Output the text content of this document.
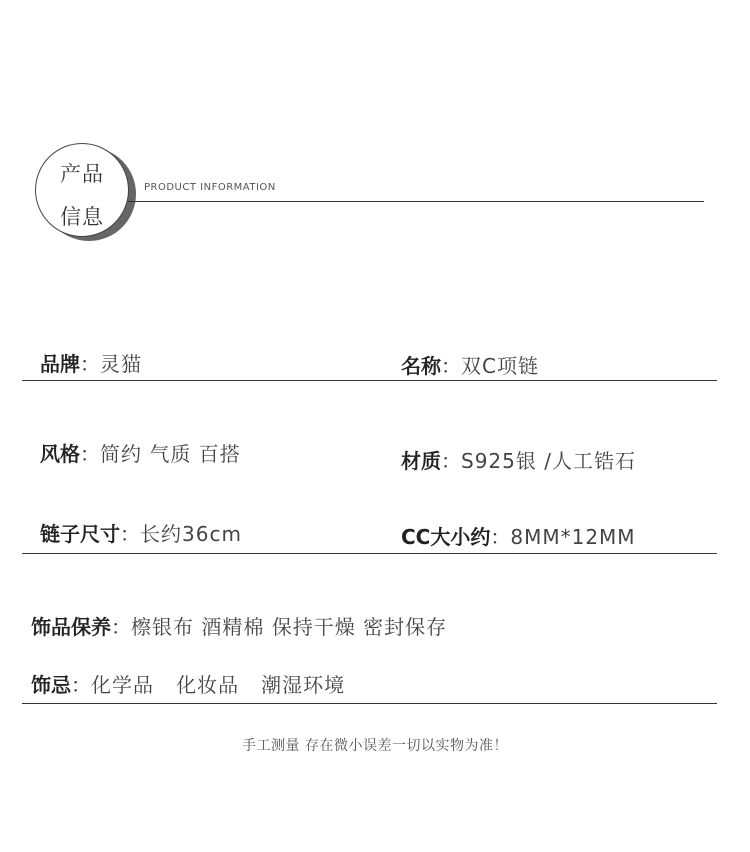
产品
信息
PRODUCT INFORMATION
品牌：灵猫	名称：双C项链
风格：简约 气质 百搭	材质：S925银 /人工锆石
链子尺寸：长约36cm	CC大小约：8MM*12MM
饰品保养：檫银布 酒精棉 保持干燥 密封保存
饰忌：化学品   化妆品   潮湿环境
手工测量 存在微小误差一切以实物为准！
